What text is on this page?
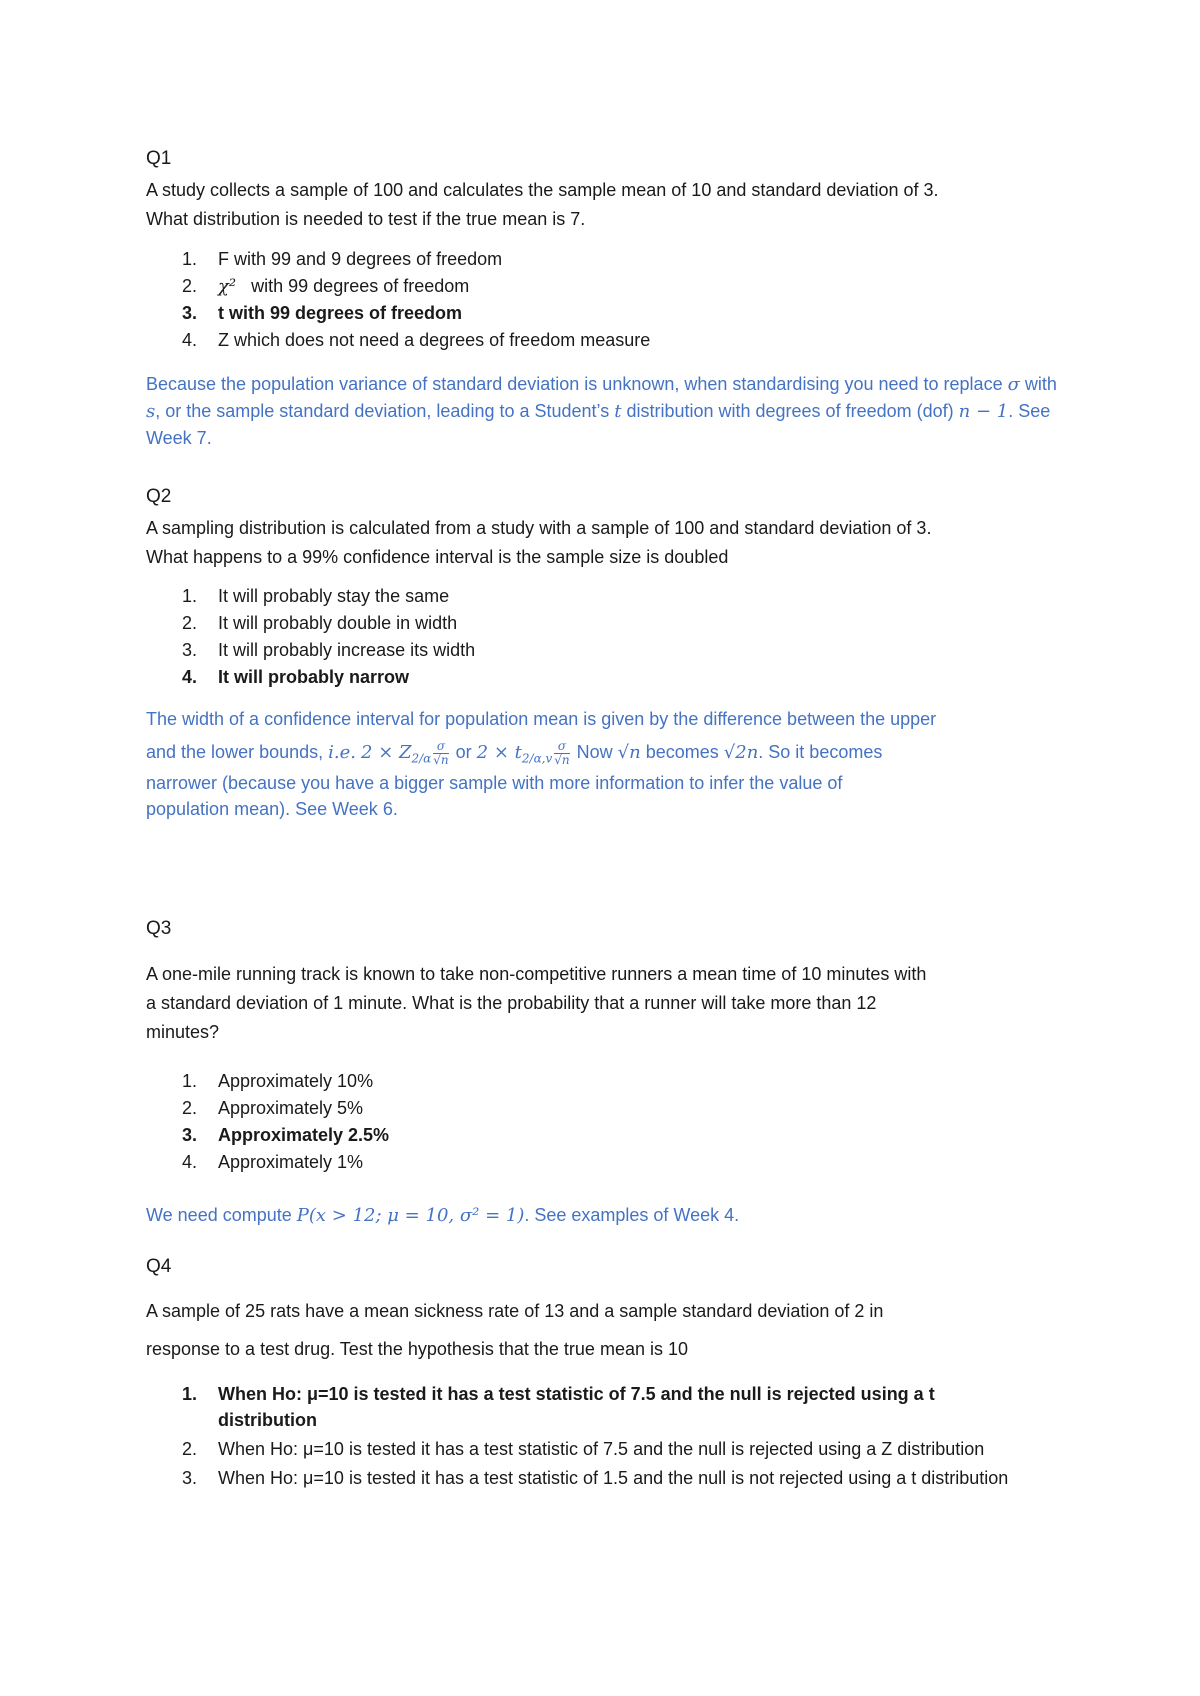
Q1

A study collects a sample of 100 and calculates the sample mean of 10 and standard deviation of 3.
What distribution is needed to test if the true mean is 7.

1. F with 99 and 9 degrees of freedom
2. χ² with 99 degrees of freedom
3. t with 99 degrees of freedom
4. Z which does not need a degrees of freedom measure

Because the population variance of standard deviation is unknown, when standardising you need to replace σ with s, or the sample standard deviation, leading to a Student’s t distribution with degrees of freedom (dof) n − 1. See Week 7.

Q2

A sampling distribution is calculated from a study with a sample of 100 and standard deviation of 3.
What happens to a 99% confidence interval is the sample size is doubled

1. It will probably stay the same
2. It will probably double in width
3. It will probably increase its width
4. It will probably narrow
The width of a confidence interval for population mean is given by the difference between the upper
and the lower bounds, i.e. $2 \times Z_{2/\alpha} \frac{\sigma}{√n}$ or $2 \times t_{2/\alpha,v} \frac{\sigma}{√n}$ Now √n becomes √2n. So it becomes
narrower (because you have a bigger sample with more information to infer the value of
population mean). See Week 6.
Q3

A one-mile running track is known to take non-competitive runners a mean time of 10 minutes with
a standard deviation of 1 minute. What is the probability that a runner will take more than 12
minutes?

1. Approximately 10%
2. Approximately 5%
3. Approximately 2.5%
4. Approximately 1%

We need compute P(x > 12; μ = 10, σ² = 1). See examples of Week 4.

Q4
A sample of 25 rats have a mean sickness rate of 13 and a sample standard deviation of 2 in
response to a test drug. Test the hypothesis that the true mean is 10
1. When Ho: μ=10 is tested it has a test statistic of 7.5 and the null is rejected using a t distribution
2. When Ho: μ=10 is tested it has a test statistic of 7.5 and the null is rejected using a Z distribution
3. When Ho: μ=10 is tested it has a test statistic of 1.5 and the null is not rejected using a t distribution
